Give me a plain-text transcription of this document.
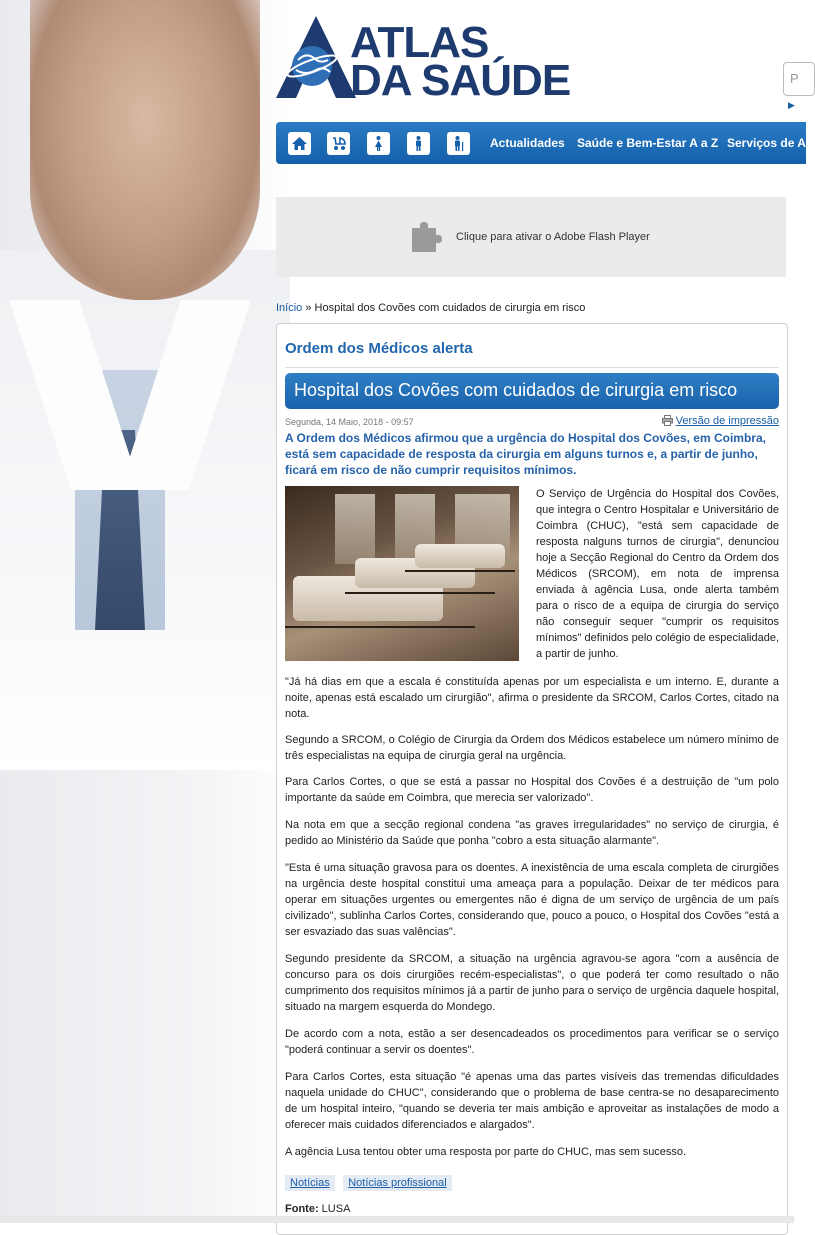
ATLAS
DA SAÚDE	P
▶
Actualidades Saúde e Bem-Estar A a Z Serviços de A
Clique para ativar o Adobe Flash Player
Início » Hospital dos Covões com cuidados de cirurgia em risco
Ordem dos Médicos alerta
Hospital dos Covões com cuidados de cirurgia em risco
Segunda, 14 Maio, 2018 - 09:57	Versão de impressão
A Ordem dos Médicos afirmou que a urgência do Hospital dos Covões, em Coimbra, está sem capacidade de resposta da cirurgia em alguns turnos e, a partir de junho, ficará em risco de não cumprir requisitos mínimos.

O Serviço de Urgência do Hospital dos Covões, que integra o Centro Hospitalar e Universitário de Coimbra (CHUC), "está sem capacidade de resposta nalguns turnos de cirurgia", denunciou hoje a Secção Regional do Centro da Ordem dos Médicos (SRCOM), em nota de imprensa enviada à agência Lusa, onde alerta também para o risco de a equipa de cirurgia do serviço não conseguir sequer "cumprir os requisitos mínimos" definidos pelo colégio de especialidade, a partir de junho.

"Já há dias em que a escala é constituída apenas por um especialista e um interno. E, durante a noite, apenas está escalado um cirurgião", afirma o presidente da SRCOM, Carlos Cortes, citado na nota.

Segundo a SRCOM, o Colégio de Cirurgia da Ordem dos Médicos estabelece um número mínimo de três especialistas na equipa de cirurgia geral na urgência.

Para Carlos Cortes, o que se está a passar no Hospital dos Covões é a destruição de "um polo importante da saúde em Coimbra, que merecia ser valorizado".

Na nota em que a secção regional condena "as graves irregularidades" no serviço de cirurgia, é pedido ao Ministério da Saúde que ponha "cobro a esta situação alarmante".

"Esta é uma situação gravosa para os doentes. A inexistência de uma escala completa de cirurgiões na urgência deste hospital constitui uma ameaça para a população. Deixar de ter médicos para operar em situações urgentes ou emergentes não é digna de um serviço de urgência de um país civilizado", sublinha Carlos Cortes, considerando que, pouco a pouco, o Hospital dos Covões "está a ser esvaziado das suas valências".

Segundo presidente da SRCOM, a situação na urgência agravou-se agora "com a ausência de concurso para os dois cirurgiões recém-especialistas", o que poderá ter como resultado o não cumprimento dos requisitos mínimos já a partir de junho para o serviço de urgência daquele hospital, situado na margem esquerda do Mondego.

De acordo com a nota, estão a ser desencadeados os procedimentos para verificar se o serviço "poderá continuar a servir os doentes".

Para Carlos Cortes, esta situação "é apenas uma das partes visíveis das tremendas dificuldades naquela unidade do CHUC", considerando que o problema de base centra-se no desaparecimento de um hospital inteiro, "quando se deveria ter mais ambição e aproveitar as instalações de modo a oferecer mais cuidados diferenciados e alargados".

A agência Lusa tentou obter uma resposta por parte do CHUC, mas sem sucesso.

Notícias Notícias profissional
Fonte: LUSA
